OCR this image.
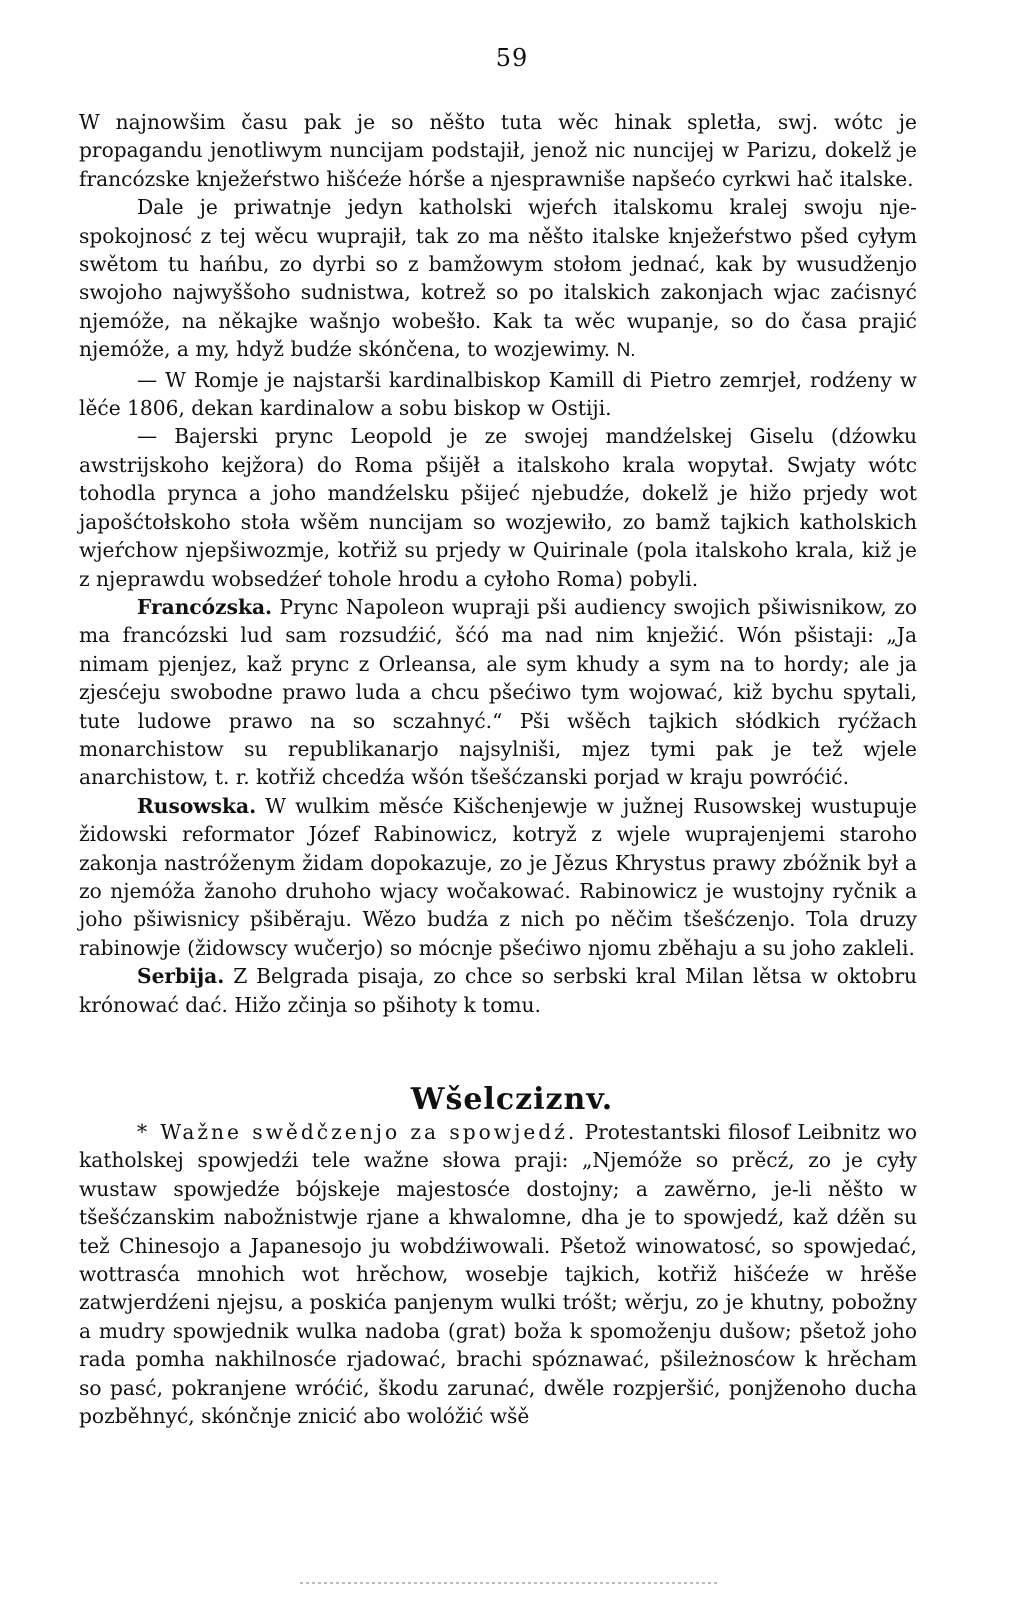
59

W najnowšim času pak je so něšto tuta wěc hinak spletła, swj. wótc je propagandu jenotliwym nuncijam podstajił, jenož nic nuncijej w Parizu, dokelž je francózske knježeŕstwo hišćeźe hórše a njesprawniše napšećo cyrkwi hač italske.

Dale je priwatnje jedyn katholski wjeŕch italskomu kralej swoju njespokojnosć z tej wěcu wuprajił, tak zo ma něšto italske knježeŕstwo pšed cyłym swětom tu hańbu, zo dyrbi so z bamžowym stołom jednać, kak by wusudženjo swojoho najwyššoho sudnistwa, kotrež so po italskich zakonjach wjac zaćisnyć njemóže, na někajke wašnjo wobešło. Kak ta wěc wupanje, so do časa prajić njemóže, a my, hdyž budźe skónčena, to wozjewimy. N.

— W Romje je najstarši kardinalbiskop Kamill di Pietro zemrjeł, rodźeny w lěće 1806, dekan kardinalow a sobu biskop w Ostiji.

— Bajerski prync Leopold je ze swojej mandźelskej Giselu (dźowku awstrijskoho kejžora) do Roma pšijěł a italskoho krala wopytał. Swjaty wótc tohodla prynca a joho mandźelsku pšijeć njebudźe, dokelž je hižo prjedy wot japošćtołskoho stoła wšěm nuncijam so wozjewiło, zo bamž tajkich katholskich wjeŕchow njepšiwozmje, kotřiž su prjedy w Quirinale (pola italskoho krala, kiž je z njeprawdu wobsedźeŕ tohole hrodu a cyłoho Roma) pobyli.

Francózska. Prync Napoleon wupraji pši audiency swojich pšiwisnikow, zo ma francózski lud sam rozsudźić, šćó ma nad nim knježić. Wón pšistaji: „Ja nimam pjenjez, kaž prync z Orleansa, ale sym khudy a sym na to hordy; ale ja zjesćeju swobodne prawo luda a chcu pšećiwo tym wojować, kiž bychu spytali, tute ludowe prawo na so sczahnyć.“ Pši wšěch tajkich słódkich ryćžach monarchistow su republikanarjo najsylniši, mjez tymi pak je tež wjele anarchistow, t. r. kotřiž chcedźa wšón tšešćzanski porjad w kraju powróćić.

Rusowska. W wulkim měsće Kišchenjewje w južnej Rusowskej wustupuje židowski reformator Józef Rabinowicz, kotryž z wjele wuprajenjemi staroho zakonja nastróženym židam dopokazuje, zo je Jězus Khrystus prawy zbóžnik był a zo njemóža žanoho druhoho wjacy wočakować. Rabinowicz je wustojny ryčnik a joho pšiwisnicy pšiběraju. Wězo budźa z nich po něčim tšešćzenjo. Tola druzy rabinowje (židowscy wučerjo) so mócnje pšećiwo njomu zběhaju a su joho zakleli.

Serbija. Z Belgrada pisaja, zo chce so serbski kral Milan lětsa w oktobru krónować dać. Hižo zčinja so pšihoty k tomu.

Wšelcziznv.

* Wažne swědčzenjo za spowjedź. Protestantski filosof Leibnitz wo katholskej spowjedźi tele wažne słowa praji: „Njemóže so prěcź, zo je cyły wustaw spowjedźe bójskeje majestosće dostojny; a zawěrno, je-li něšto w tšešćzanskim nabožnistwje rjane a khwalomne, dha je to spowjedź, kaž dźěn su tež Chinesojo a Japanesojo ju wobdźiwowali. Pšetož winowatosć, so spowjedać, wottrasća mnohich wot hrěchow, wosebje tajkich, kotřiž hišćeźe w hrěše zatwjerdźeni njejsu, a poskića panjenym wulki tróšt; wěrju, zo je khutny, pobožny a mudry spowjednik wulka nadoba (grat) boža k spomoženju dušow; pšetož joho rada pomha nakhilnosće rjadować, brachi spóznawać, pšileżnosćow k hrěcham so pasć, pokranjene wróćić, škodu zarunać, dwěle rozpjeršić, ponjženoho ducha pozběhnyć, skónčnje znicić abo wolóžić wšě
